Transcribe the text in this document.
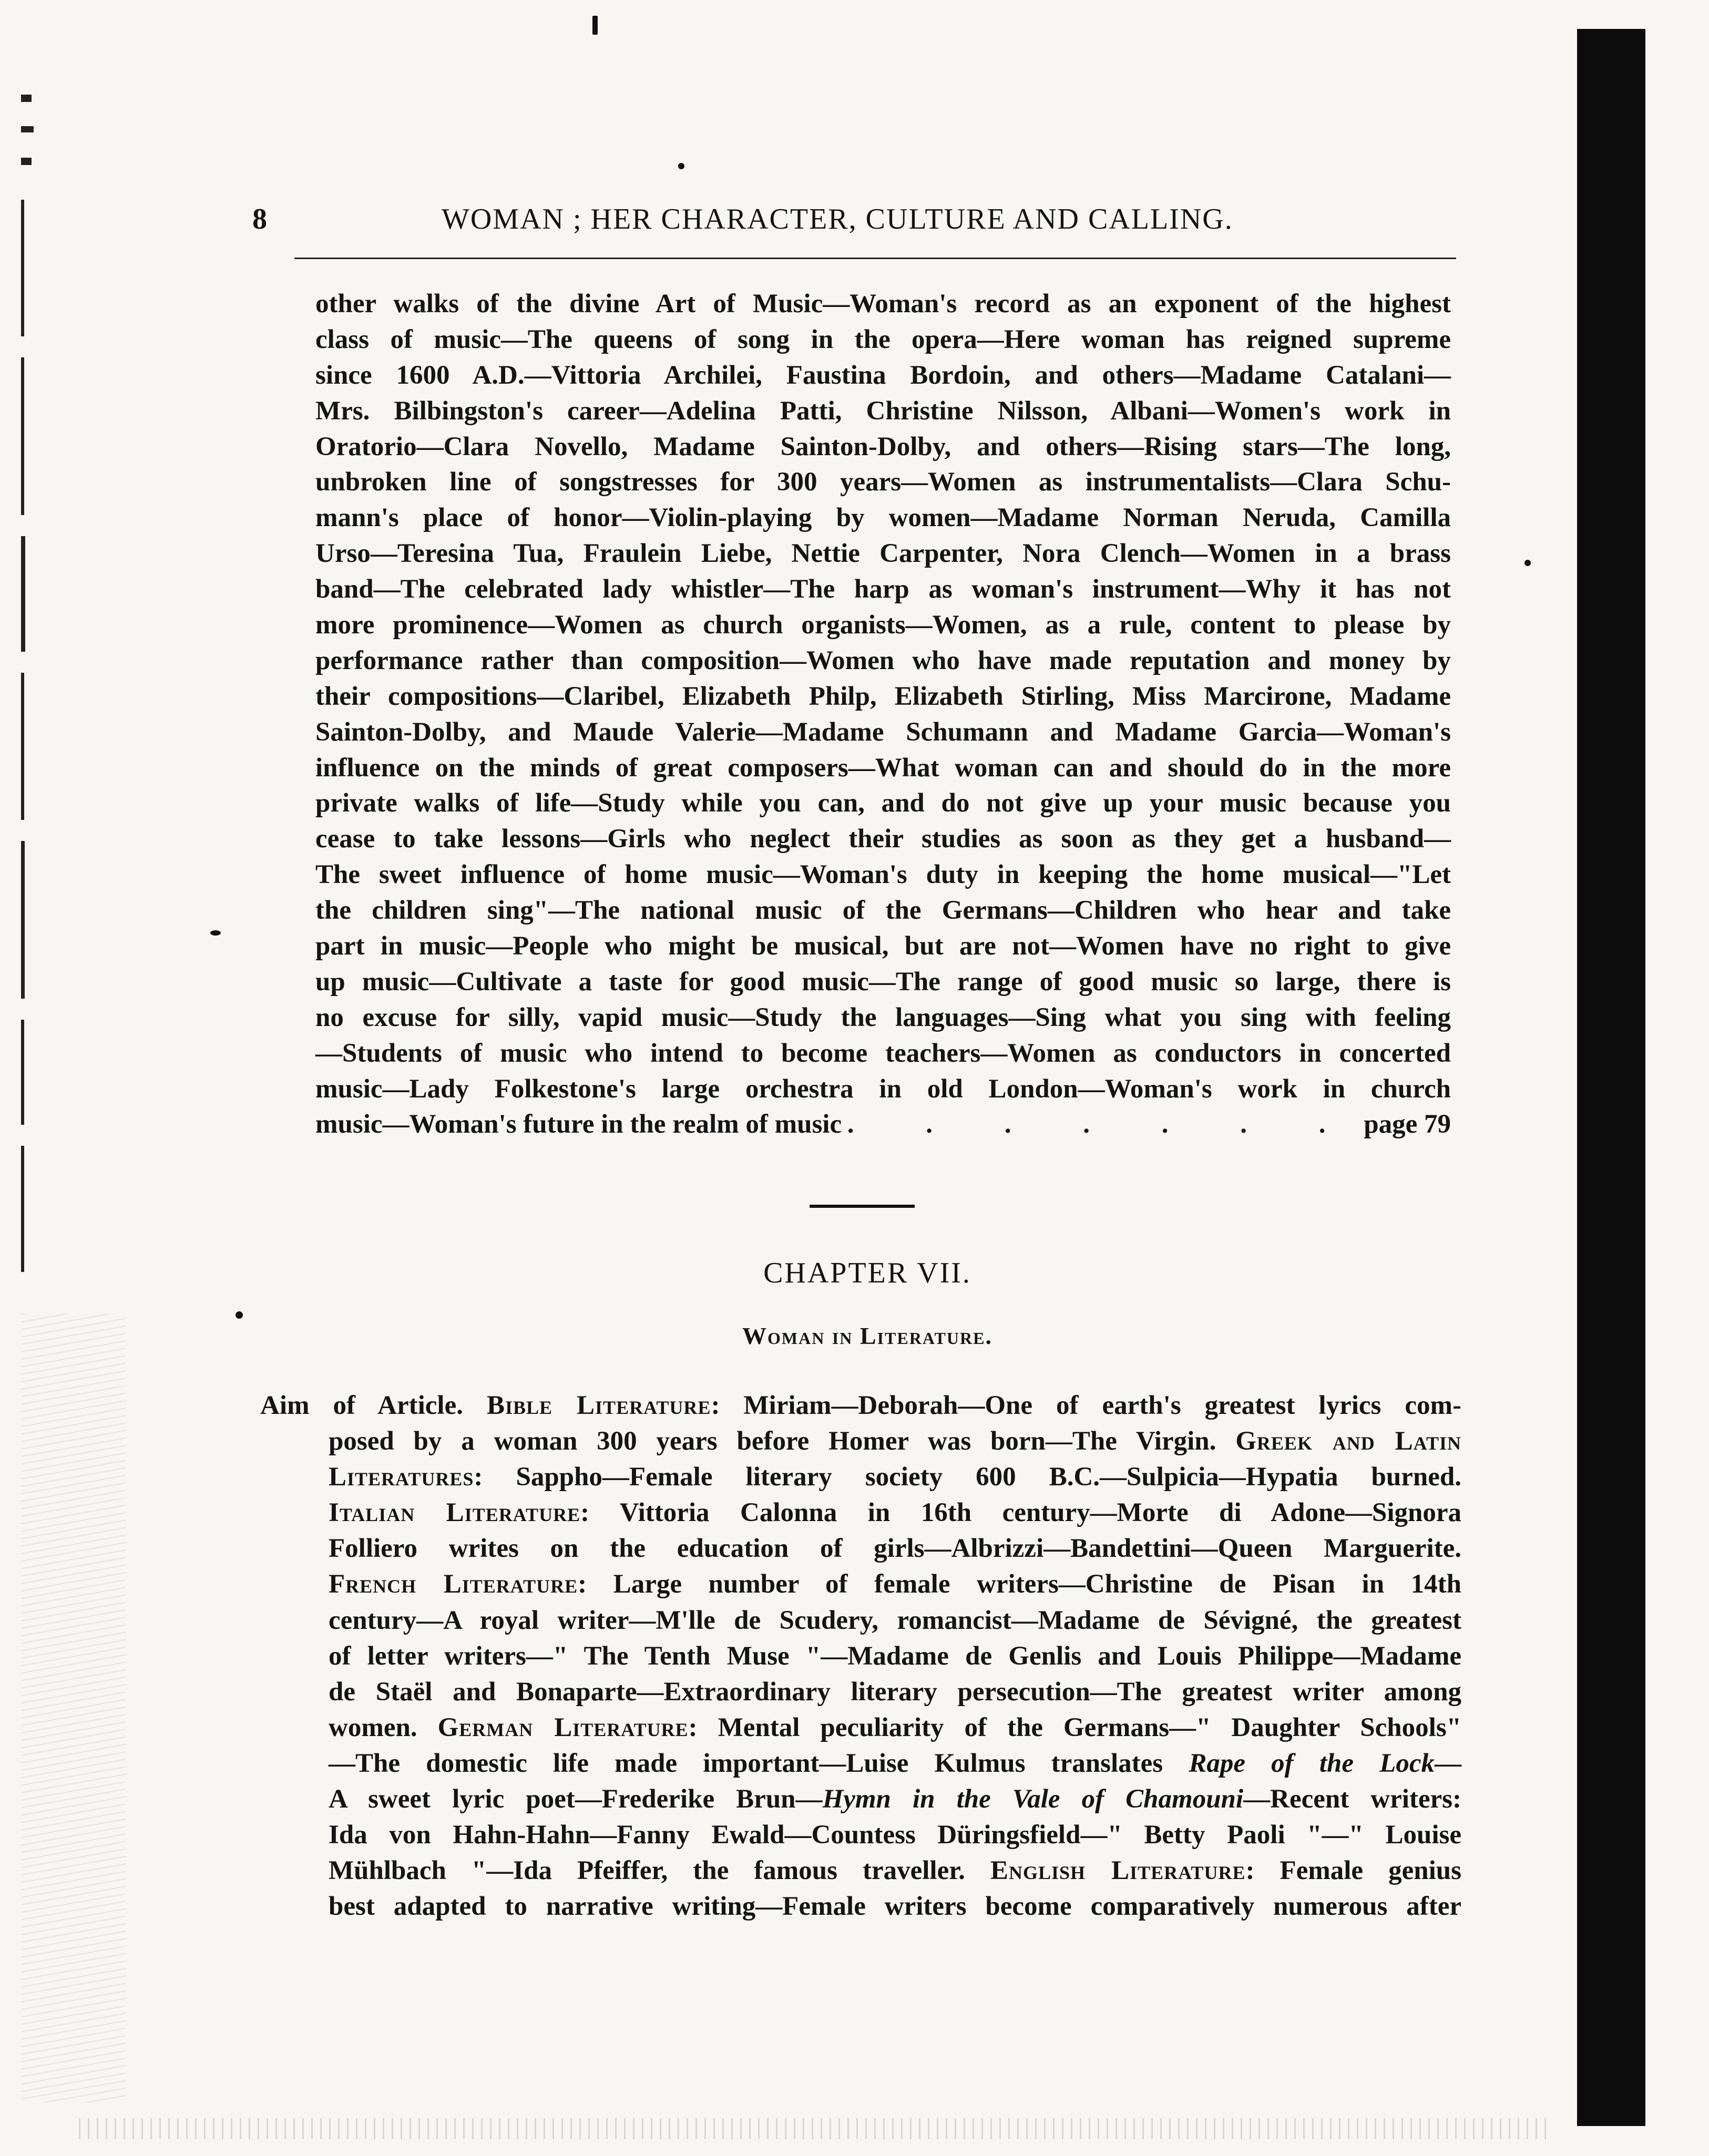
8	WOMAN ; HER CHARACTER, CULTURE AND CALLING.
other walks of the divine Art of Music—Woman's record as an exponent of the highest
class of music—The queens of song in the opera—Here woman has reigned supreme
since 1600 A.D.—Vittoria Archilei, Faustina Bordoin, and others—Madame Catalani—
Mrs. Bilbingston's career—Adelina Patti, Christine Nilsson, Albani—Women's work in
Oratorio—Clara Novello, Madame Sainton-Dolby, and others—Rising stars—The long,
unbroken line of songstresses for 300 years—Women as instrumentalists—Clara Schu-
mann's place of honor—Violin-playing by women—Madame Norman Neruda, Camilla
Urso—Teresina Tua, Fraulein Liebe, Nettie Carpenter, Nora Clench—Women in a brass
band—The celebrated lady whistler—The harp as woman's instrument—Why it has not
more prominence—Women as church organists—Women, as a rule, content to please by
performance rather than composition—Women who have made reputation and money by
their compositions—Claribel, Elizabeth Philp, Elizabeth Stirling, Miss Marcirone, Madame
Sainton-Dolby, and Maude Valerie—Madame Schumann and Madame Garcia—Woman's
influence on the minds of great composers—What woman can and should do in the more
private walks of life—Study while you can, and do not give up your music because you
cease to take lessons—Girls who neglect their studies as soon as they get a husband—
The sweet influence of home music—Woman's duty in keeping the home musical—"Let
the children sing"—The national music of the Germans—Children who hear and take
part in music—People who might be musical, but are not—Women have no right to give
up music—Cultivate a taste for good music—The range of good music so large, there is
no excuse for silly, vapid music—Study the languages—Sing what you sing with feeling
—Students of music who intend to become teachers—Women as conductors in concerted
music—Lady Folkestone's large orchestra in old London—Woman's work in church
music—Woman's future in the realm of music . . . . . . . page 79
CHAPTER VII.
Woman in Literature.
Aim of Article. Bible Literature: Miriam—Deborah—One of earth's greatest lyrics com-
posed by a woman 300 years before Homer was born—The Virgin. Greek and Latin
Literatures: Sappho—Female literary society 600 B.C.—Sulpicia—Hypatia burned.
Italian Literature: Vittoria Calonna in 16th century—Morte di Adone—Signora
Folliero writes on the education of girls—Albrizzi—Bandettini—Queen Marguerite.
French Literature: Large number of female writers—Christine de Pisan in 14th
century—A royal writer—M'lle de Scudery, romancist—Madame de Sévigné, the greatest
of letter writers—" The Tenth Muse "—Madame de Genlis and Louis Philippe—Madame
de Staël and Bonaparte—Extraordinary literary persecution—The greatest writer among
women. German Literature: Mental peculiarity of the Germans—" Daughter Schools"
—The domestic life made important—Luise Kulmus translates Rape of the Lock—
A sweet lyric poet—Frederike Brun—Hymn in the Vale of Chamouni—Recent writers:
Ida von Hahn-Hahn—Fanny Ewald—Countess Düringsfield—" Betty Paoli "—" Louise
Mühlbach "—Ida Pfeiffer, the famous traveller. English Literature: Female genius
best adapted to narrative writing—Female writers become comparatively numerous after
